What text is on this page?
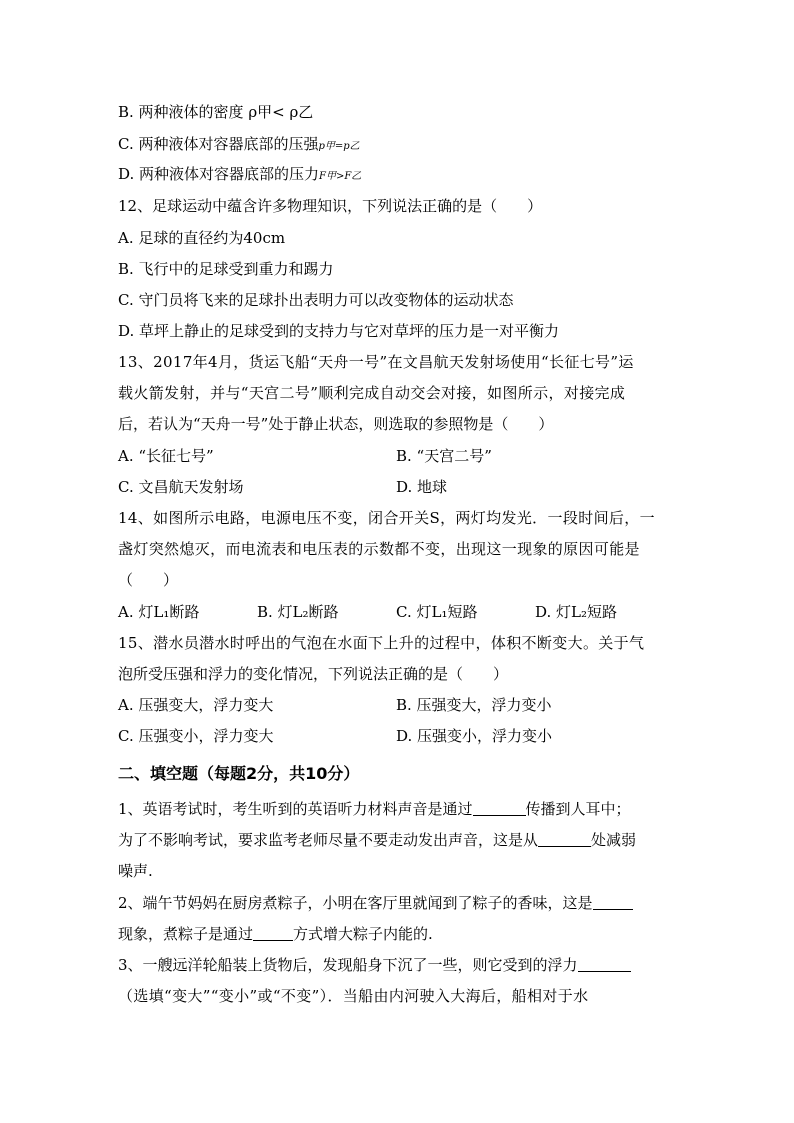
B. 两种液体的密度 ρ甲< ρ乙
C. 两种液体对容器底部的压强p甲=p乙
D. 两种液体对容器底部的压力F甲>F乙
12、足球运动中蕴含许多物理知识，下列说法正确的是（　　）
A. 足球的直径约为40cm
B. 飞行中的足球受到重力和踢力
C. 守门员将飞来的足球扑出表明力可以改变物体的运动状态
D. 草坪上静止的足球受到的支持力与它对草坪的压力是一对平衡力
13、2017年4月，货运飞船“天舟一号”在文昌航天发射场使用“长征七号”运
载火箭发射，并与“天宫二号”顺利完成自动交会对接，如图所示，对接完成
后，若认为“天舟一号”处于静止状态，则选取的参照物是（　　）
A. “长征七号”	B. “天宫二号”
C. 文昌航天发射场	D. 地球
14、如图所示电路，电源电压不变，闭合开关S，两灯均发光．一段时间后，一
盏灯突然熄灭，而电流表和电压表的示数都不变，出现这一现象的原因可能是
（　　）
A. 灯L₁断路	B. 灯L₂断路	C. 灯L₁短路	D. 灯L₂短路
15、潜水员潜水时呼出的气泡在水面下上升的过程中，体积不断变大。关于气
泡所受压强和浮力的变化情况，下列说法正确的是（　　）
A. 压强变大，浮力变大	B. 压强变大，浮力变小
C. 压强变小，浮力变大	D. 压强变小，浮力变小
二、填空题（每题2分，共10分）
1、英语考试时，考生听到的英语听力材料声音是通过	传播到人耳中；
为了不影响考试，要求监考老师尽量不要走动发出声音，这是从	处减弱
噪声.
2、端午节妈妈在厨房煮粽子，小明在客厅里就闻到了粽子的香味，这是
现象，煮粽子是通过	方式增大粽子内能的.
3、一艘远洋轮船装上货物后，发现船身下沉了一些，则它受到的浮力
（选填“变大”“变小”或“不变”）．当船由内河驶入大海后，船相对于水
